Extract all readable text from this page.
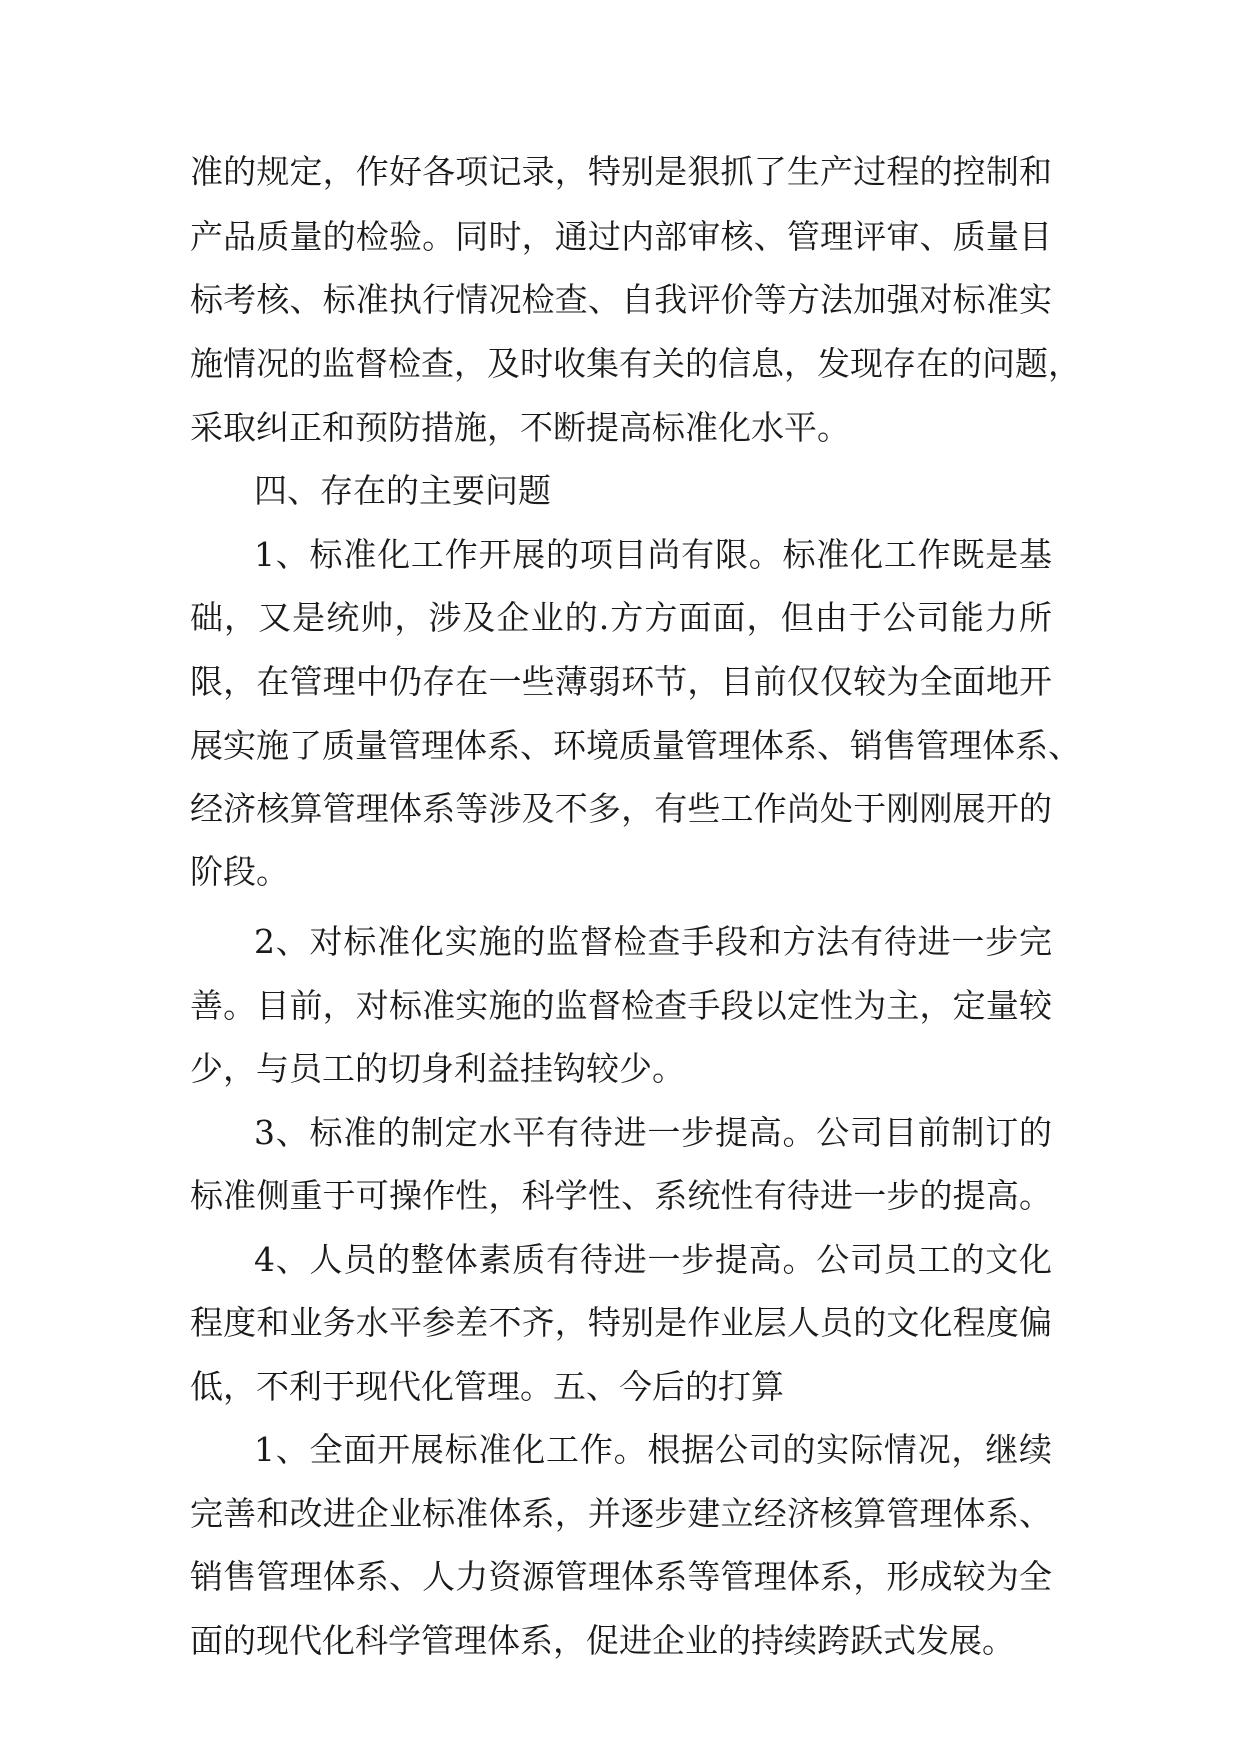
准的规定，作好各项记录，特别是狠抓了生产过程的控制和
产品质量的检验。同时，通过内部审核、管理评审、质量目
标考核、标准执行情况检查、自我评价等方法加强对标准实
施情况的监督检查，及时收集有关的信息，发现存在的问题，
采取纠正和预防措施，不断提高标准化水平。
四、存在的主要问题
1、标准化工作开展的项目尚有限。标准化工作既是基
础，又是统帅，涉及企业的.方方面面，但由于公司能力所
限，在管理中仍存在一些薄弱环节，目前仅仅较为全面地开
展实施了质量管理体系、环境质量管理体系、销售管理体系、
经济核算管理体系等涉及不多，有些工作尚处于刚刚展开的
阶段。
2、对标准化实施的监督检查手段和方法有待进一步完
善。目前，对标准实施的监督检查手段以定性为主，定量较
少，与员工的切身利益挂钩较少。
3、标准的制定水平有待进一步提高。公司目前制订的
标准侧重于可操作性，科学性、系统性有待进一步的提高。
4、人员的整体素质有待进一步提高。公司员工的文化
程度和业务水平参差不齐，特别是作业层人员的文化程度偏
低，不利于现代化管理。五、今后的打算
1、全面开展标准化工作。根据公司的实际情况，继续
完善和改进企业标准体系，并逐步建立经济核算管理体系、
销售管理体系、人力资源管理体系等管理体系，形成较为全
面的现代化科学管理体系，促进企业的持续跨跃式发展。
